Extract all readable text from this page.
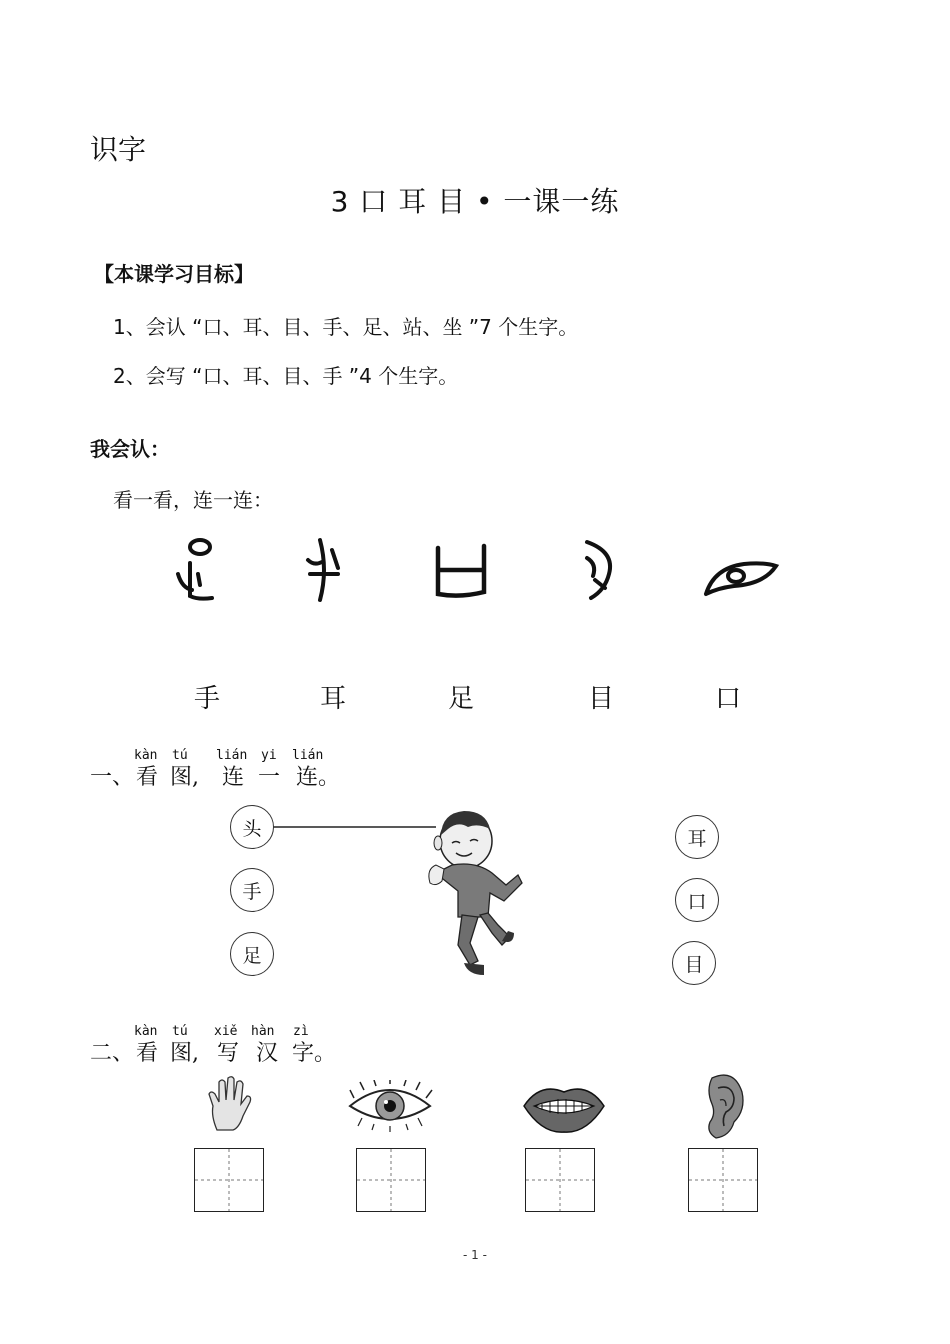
识字
3 口 耳 目 • 一课一练
【本课学习目标】
1、会认 “口、耳、目、手、足、站、坐 ”7 个生字。
2、会写 “口、耳、目、手 ”4 个生字。
我会认：
看一看，连一连：
手	耳	足	目	口
一、
kàn
看
tú
图,
lián
连
yi
一
lián
连。
头
手
足
耳
口
目
二、
kàn
看
tú
图,
xiě
写
hàn
汉
zì
字。
- 1 -
